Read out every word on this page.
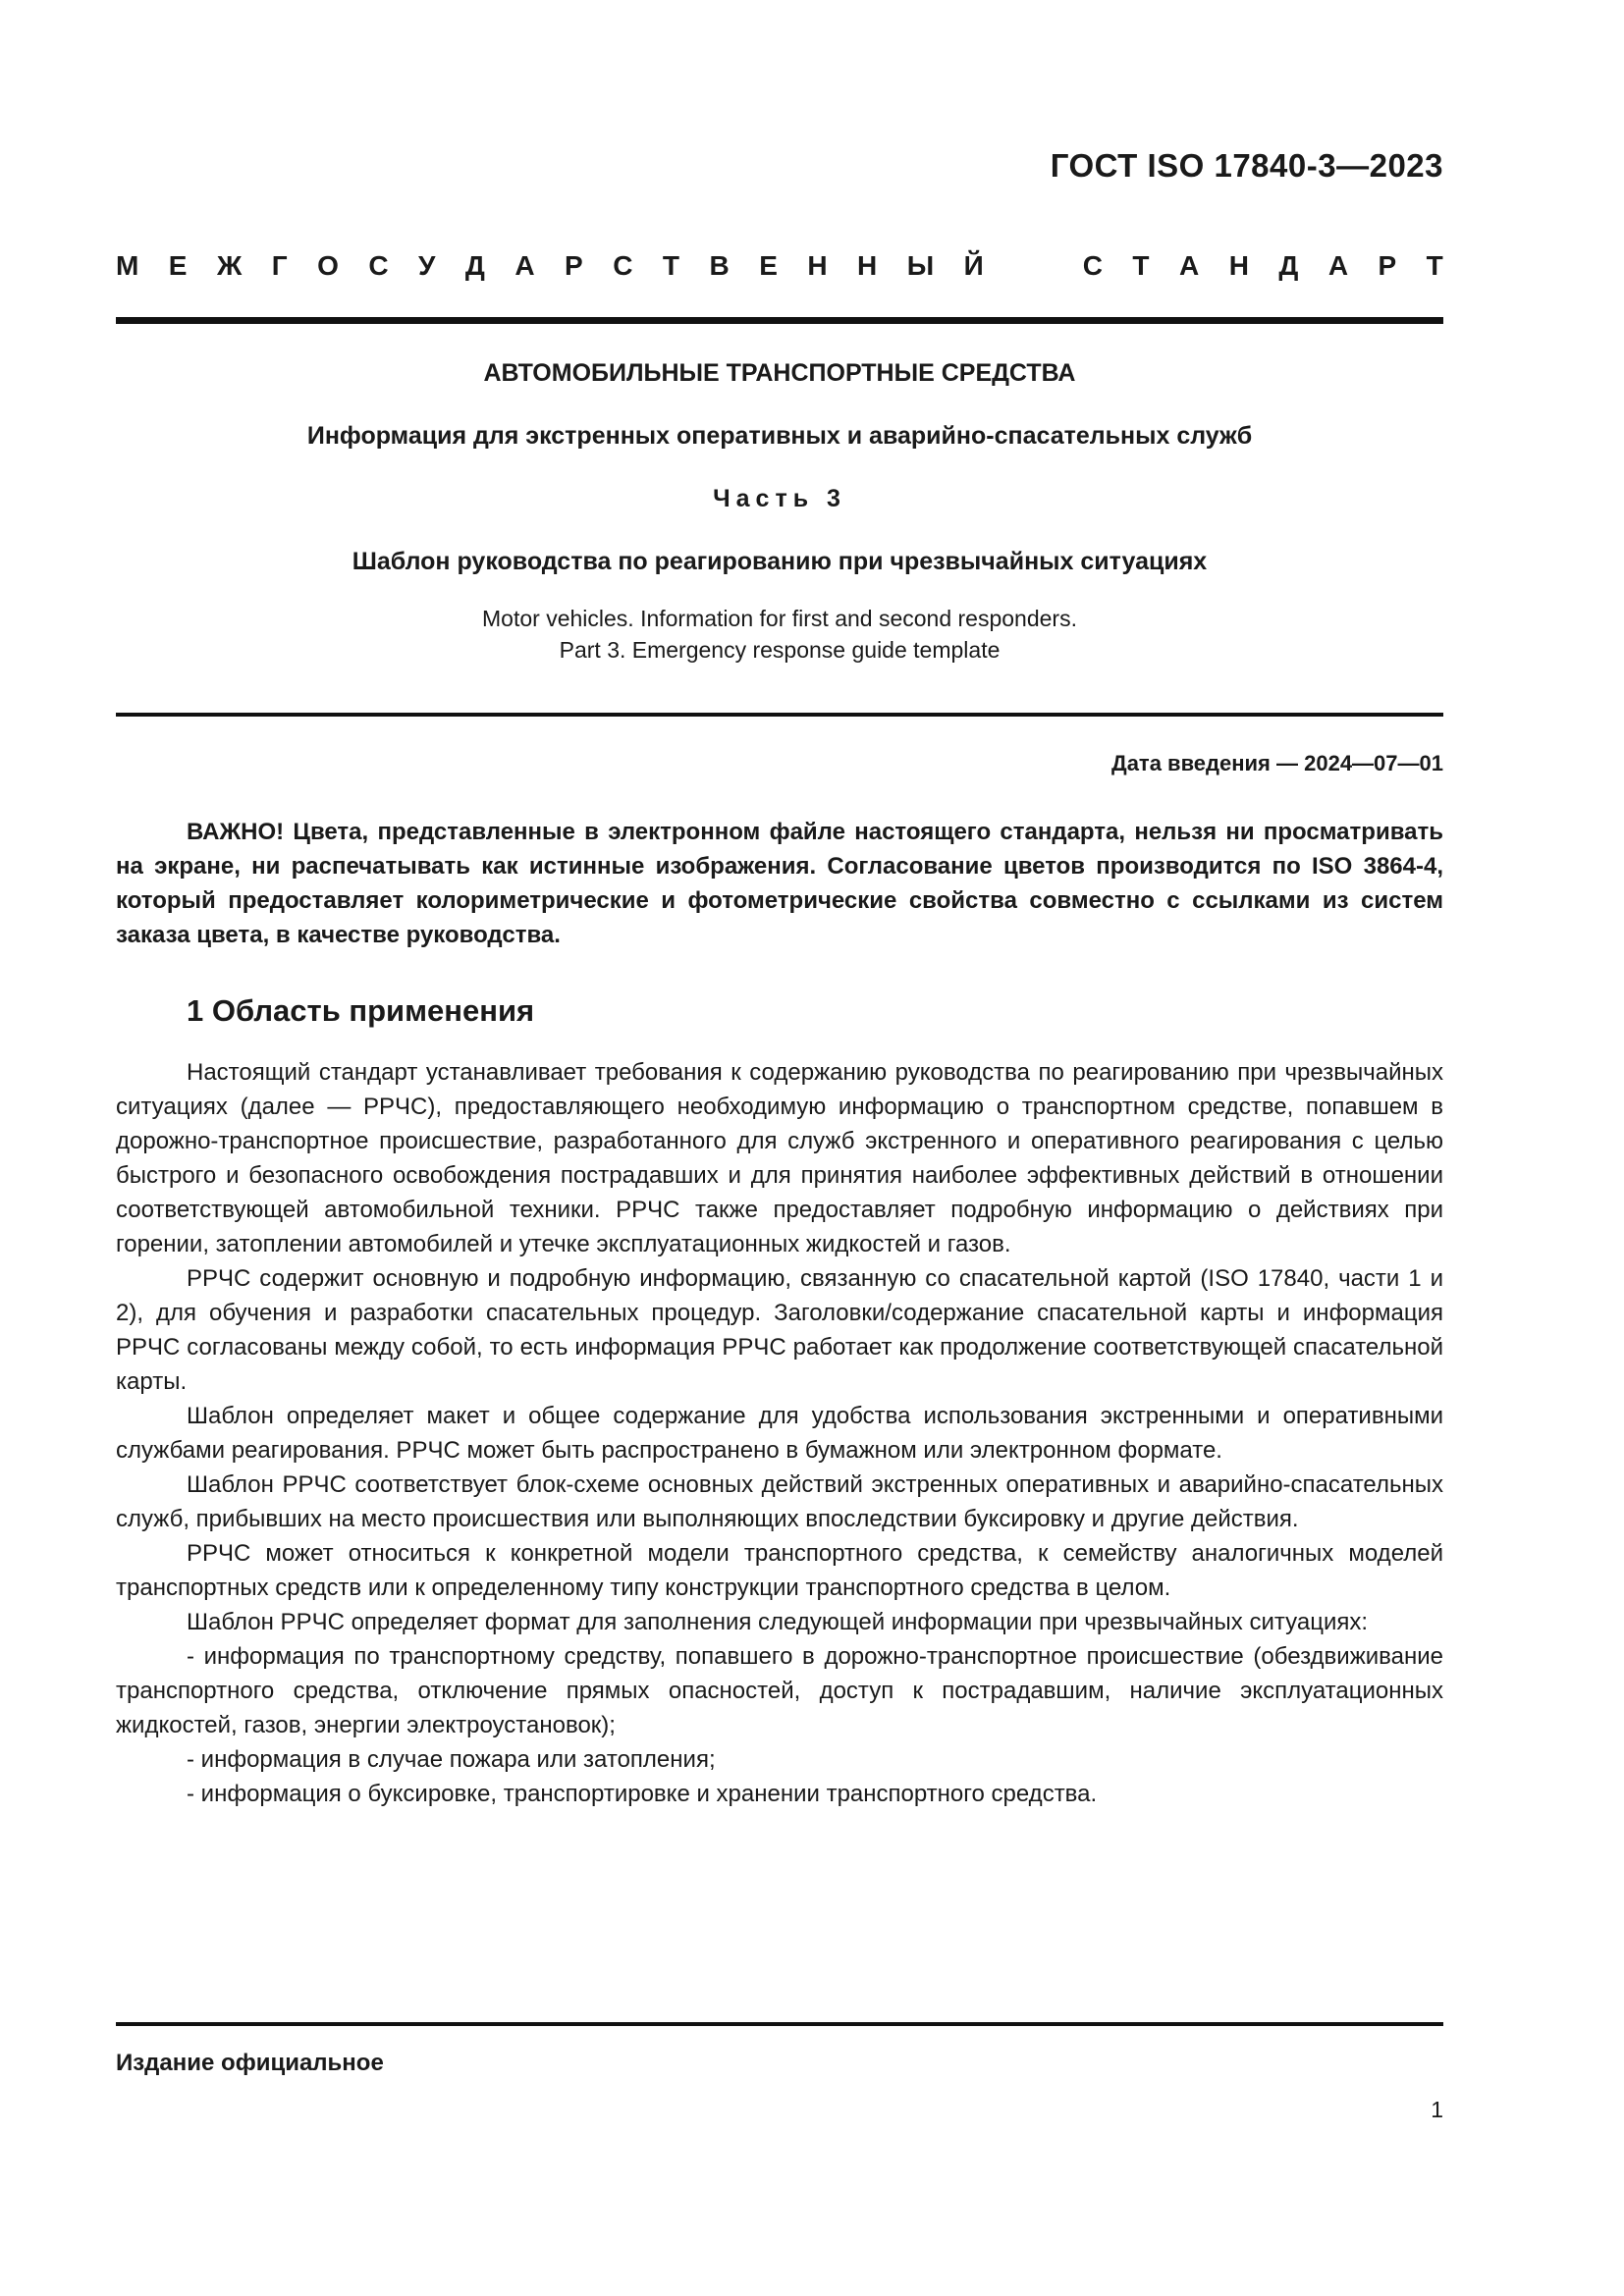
ГОСТ ISO 17840-3—2023
М Е Ж Г О С У Д А Р С Т В Е Н Н Ы Й	С Т А Н Д А Р Т
АВТОМОБИЛЬНЫЕ ТРАНСПОРТНЫЕ СРЕДСТВА
Информация для экстренных оперативных и аварийно-спасательных служб
Часть 3
Шаблон руководства по реагированию при чрезвычайных ситуациях
Motor vehicles. Information for first and second responders.
Part 3. Emergency response guide template
Дата введения — 2024—07—01

ВАЖНО! Цвета, представленные в электронном файле настоящего стандарта, нельзя ни просматривать на экране, ни распечатывать как истинные изображения. Согласование цветов производится по ISO 3864-4, который предоставляет колориметрические и фотометрические свойства совместно с ссылками из систем заказа цвета, в качестве руководства.

1 Область применения

Настоящий стандарт устанавливает требования к содержанию руководства по реагированию при чрезвычайных ситуациях (далее — РРЧС), предоставляющего необходимую информацию о транспортном средстве, попавшем в дорожно-транспортное происшествие, разработанного для служб экстренного и оперативного реагирования с целью быстрого и безопасного освобождения пострадавших и для принятия наиболее эффективных действий в отношении соответствующей автомобильной техники. РРЧС также предоставляет подробную информацию о действиях при горении, затоплении автомобилей и утечке эксплуатационных жидкостей и газов.

РРЧС содержит основную и подробную информацию, связанную со спасательной картой (ISO 17840, части 1 и 2), для обучения и разработки спасательных процедур. Заголовки/содержание спасательной карты и информация РРЧС согласованы между собой, то есть информация РРЧС работает как продолжение соответствующей спасательной карты.

Шаблон определяет макет и общее содержание для удобства использования экстренными и оперативными службами реагирования. РРЧС может быть распространено в бумажном или электронном формате.

Шаблон РРЧС соответствует блок-схеме основных действий экстренных оперативных и аварийно-спасательных служб, прибывших на место происшествия или выполняющих впоследствии буксировку и другие действия.

РРЧС может относиться к конкретной модели транспортного средства, к семейству аналогичных моделей транспортных средств или к определенному типу конструкции транспортного средства в целом.

Шаблон РРЧС определяет формат для заполнения следующей информации при чрезвычайных ситуациях:

- информация по транспортному средству, попавшего в дорожно-транспортное происшествие (обездвиживание транспортного средства, отключение прямых опасностей, доступ к пострадавшим, наличие эксплуатационных жидкостей, газов, энергии электроустановок);

- информация в случае пожара или затопления;

- информация о буксировке, транспортировке и хранении транспортного средства.

Издание официальное
1
